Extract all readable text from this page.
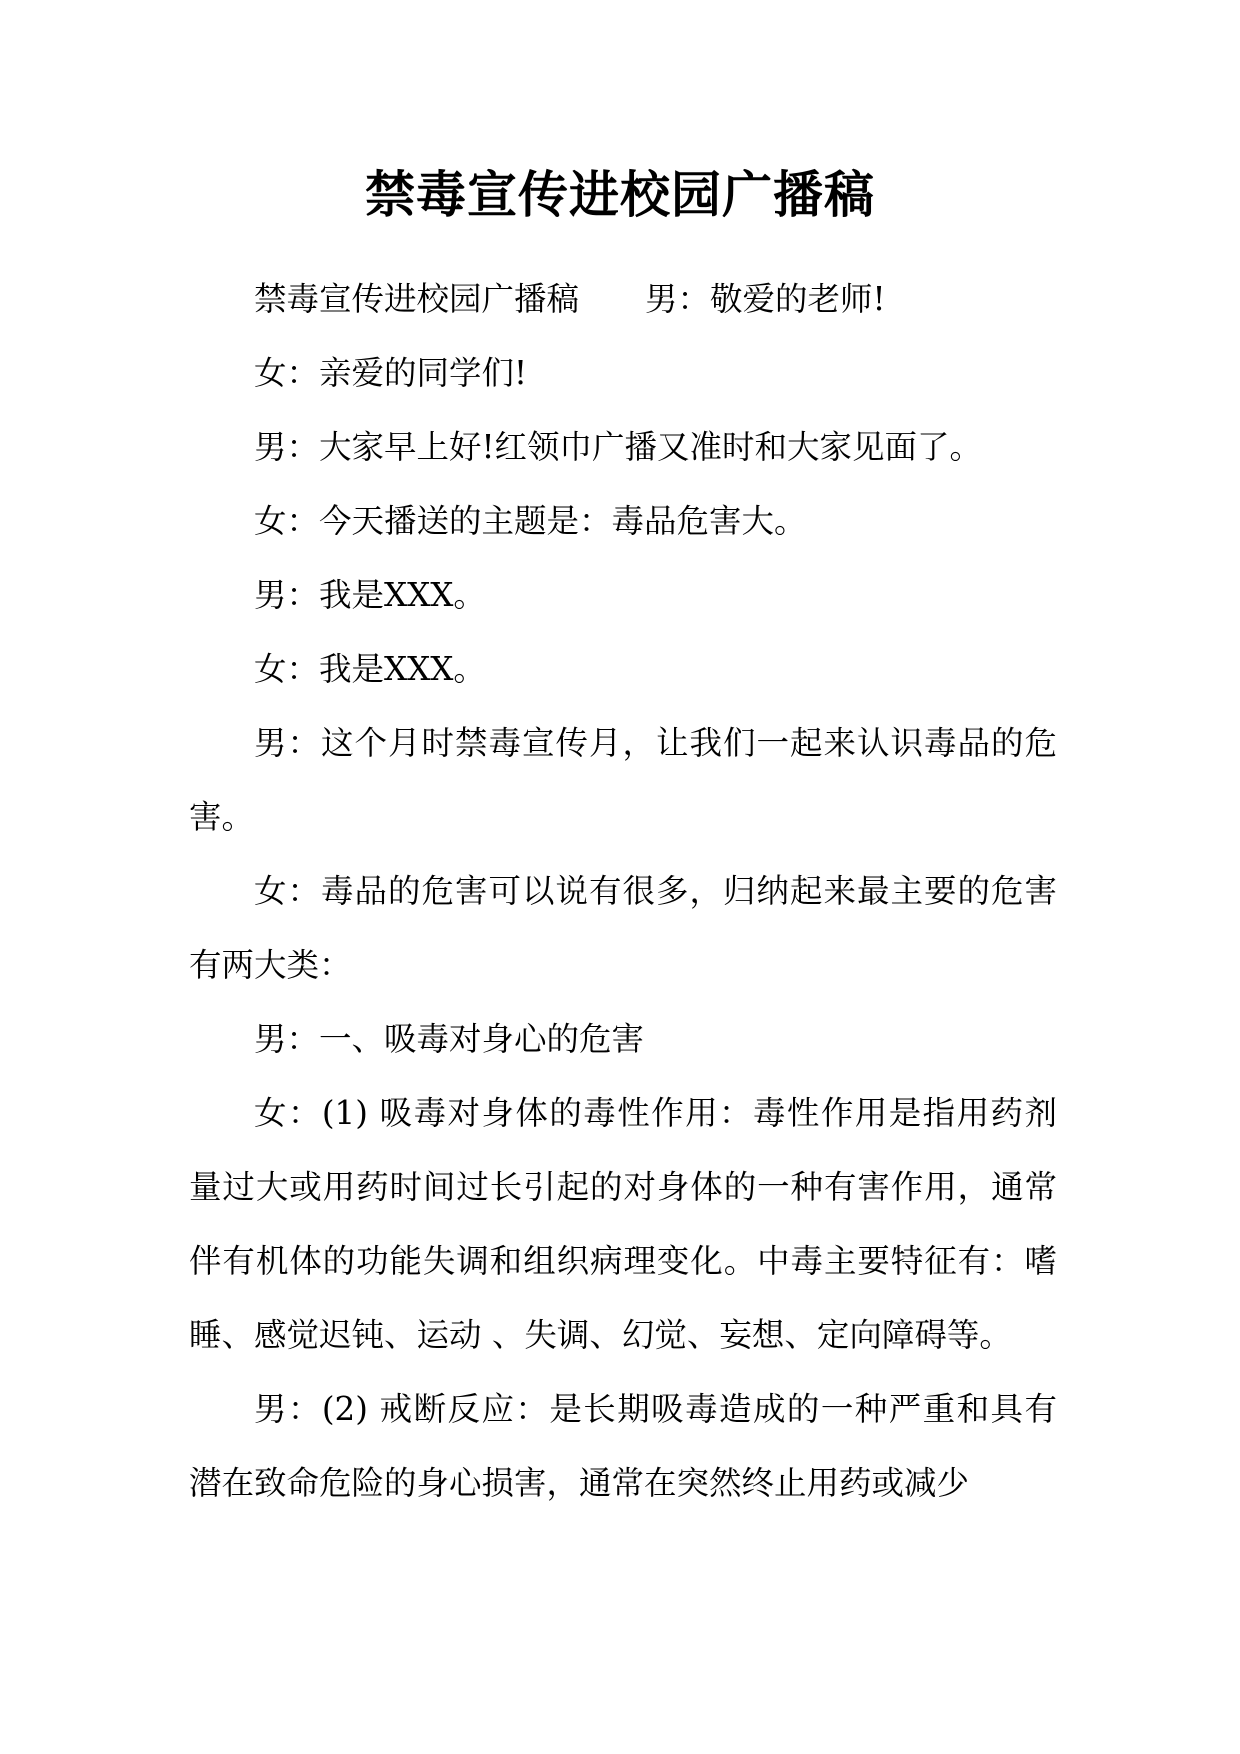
禁毒宣传进校园广播稿

禁毒宣传进校园广播稿 男：敬爱的老师!

女：亲爱的同学们!

男：大家早上好!红领巾广播又准时和大家见面了。

女：今天播送的主题是：毒品危害大。

男：我是XXX。

女：我是XXX。

男：这个月时禁毒宣传月，让我们一起来认识毒品的危害。

女：毒品的危害可以说有很多，归纳起来最主要的危害有两大类：

男：一、吸毒对身心的危害

女：(1) 吸毒对身体的毒性作用：毒性作用是指用药剂量过大或用药时间过长引起的对身体的一种有害作用，通常伴有机体的功能失调和组织病理变化。中毒主要特征有：嗜睡、感觉迟钝、运动 、失调、幻觉、妄想、定向障碍等。

男：(2) 戒断反应：是长期吸毒造成的一种严重和具有潜在致命危险的身心损害，通常在突然终止用药或减少
